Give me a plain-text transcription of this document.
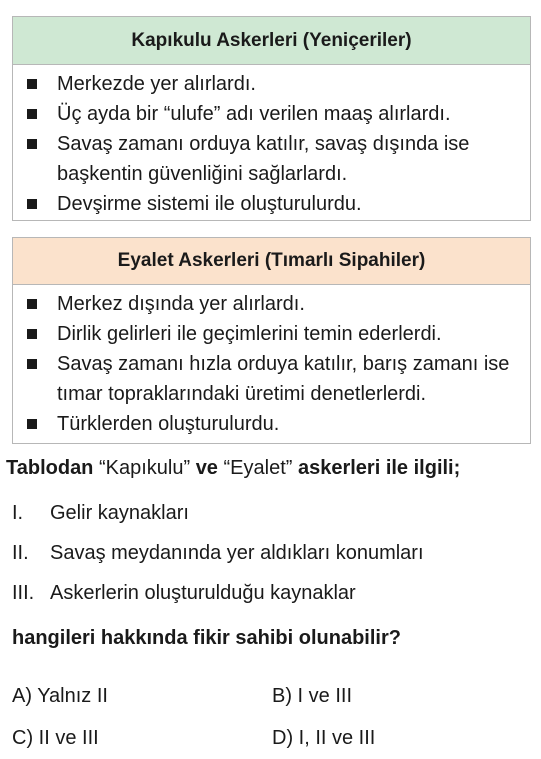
Kapıkulu Askerleri (Yeniçeriler)
Merkezde yer alırlardı.
Üç ayda bir “ulufe” adı verilen maaş alırlardı.
Savaş zamanı orduya katılır, savaş dışında ise başkentin güvenliğini sağlarlardı.
Devşirme sistemi ile oluşturulurdu.
Eyalet Askerleri (Tımarlı Sipahiler)
Merkez dışında yer alırlardı.
Dirlik gelirleri ile geçimlerini temin ederlerdi.
Savaş zamanı hızla orduya katılır, barış zamanı ise tımar topraklarındaki üretimi denetlerlerdi.
Türklerden oluşturulurdu.
Tablodan “Kapıkulu” ve “Eyalet” askerleri ile ilgili;
I.	Gelir kaynakları
II.	Savaş meydanında yer aldıkları konumları
III. Askerlerin oluşturulduğu kaynaklar
hangileri hakkında fikir sahibi olunabilir?
A) Yalnız II	B) I ve III
C) II ve III	D) I, II ve III
